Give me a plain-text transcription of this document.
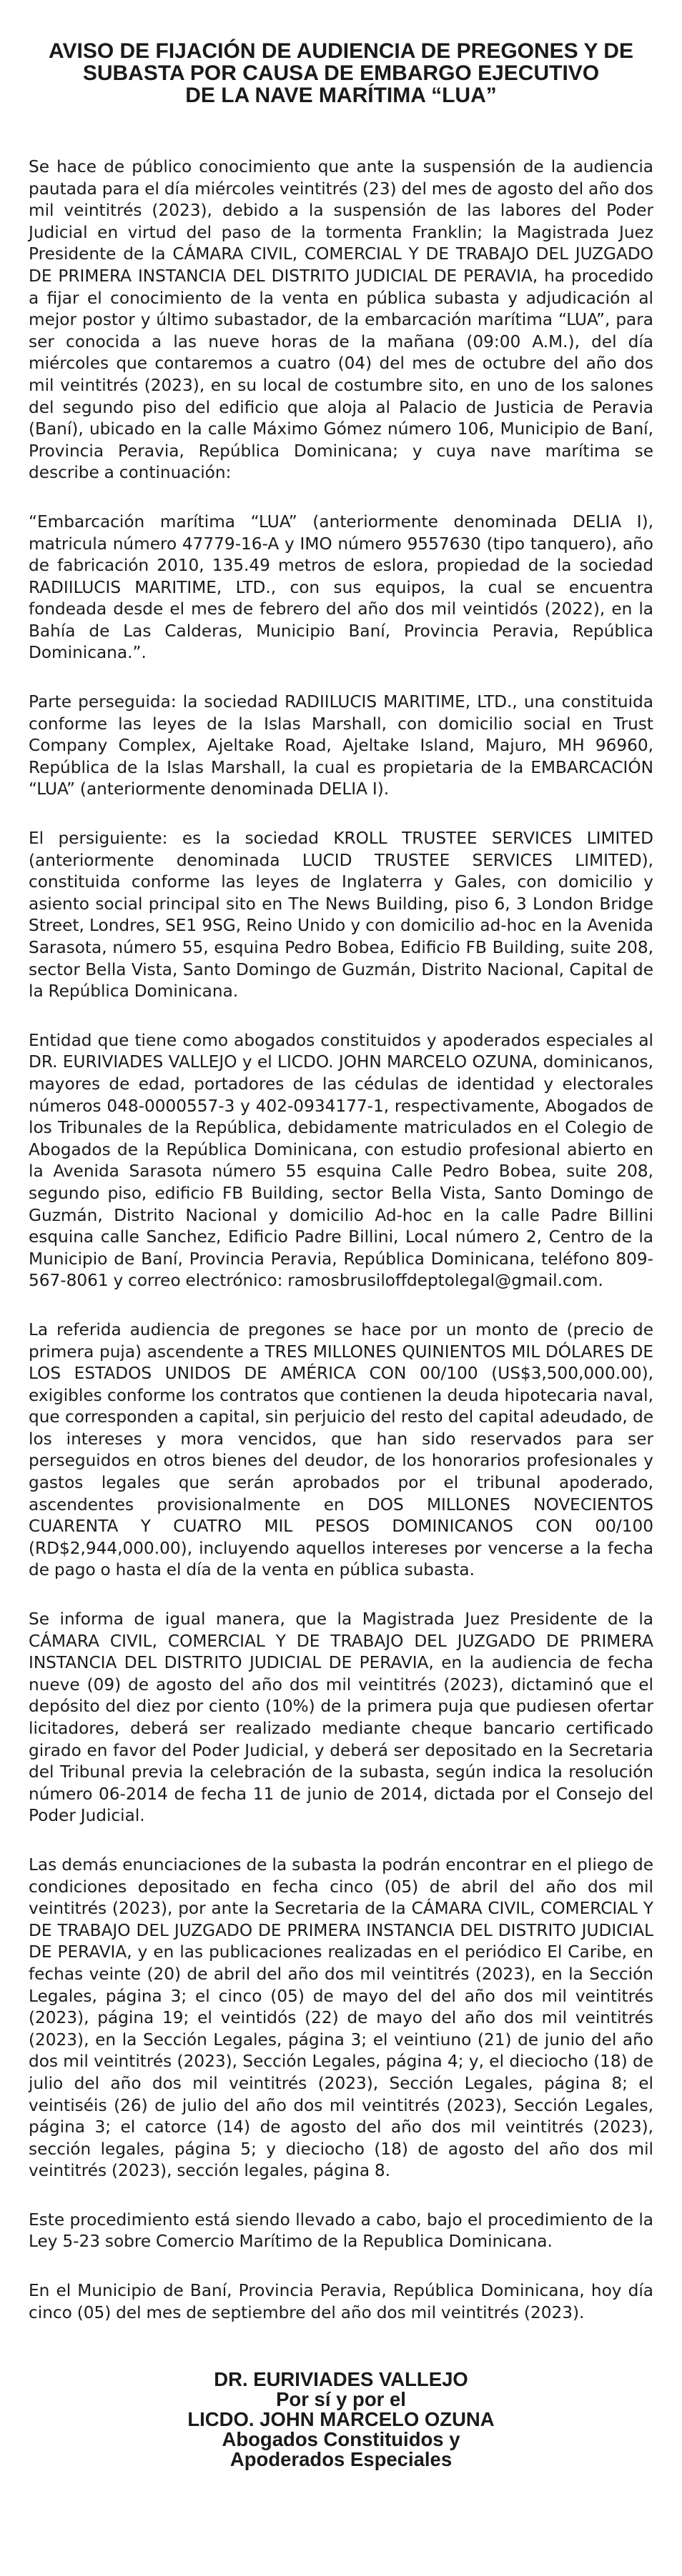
AVISO DE FIJACIÓN DE AUDIENCIA DE PREGONES Y DE
SUBASTA POR CAUSA DE EMBARGO EJECUTIVO
DE LA NAVE MARÍTIMA “LUA”

Se hace de público conocimiento que ante la suspensión de la audiencia pautada para el día miércoles veintitrés (23) del mes de agosto del año dos mil veintitrés (2023), debido a la suspensión de las labores del Poder Judicial en virtud del paso de la tormenta Franklin; la Magistrada Juez Presidente de la CÁMARA CIVIL, COMERCIAL Y DE TRABAJO DEL JUZGADO DE PRIMERA INSTANCIA DEL DISTRITO JUDICIAL DE PERAVIA, ha procedido a fijar el conocimiento de la venta en pública subasta y adjudicación al mejor postor y último subastador, de la embarcación marítima “LUA”, para ser conocida a las nueve horas de la mañana (09:00 A.M.), del día miércoles que contaremos a cuatro (04) del mes de octubre del año dos mil veintitrés (2023), en su local de costumbre sito, en uno de los salones del segundo piso del edificio que aloja al Palacio de Justicia de Peravia (Baní), ubicado en la calle Máximo Gómez número 106, Municipio de Baní, Provincia Peravia, República Dominicana; y cuya nave marítima se describe a continuación:

“Embarcación marítima “LUA” (anteriormente denominada DELIA I), matricula número 47779-16-A y IMO número 9557630 (tipo tanquero), año de fabricación 2010, 135.49 metros de eslora, propiedad de la sociedad RADIILUCIS MARITIME, LTD., con sus equipos, la cual se encuentra fondeada desde el mes de febrero del año dos mil veintidós (2022), en la Bahía de Las Calderas, Municipio Baní, Provincia Peravia, República Dominicana.”.

Parte perseguida: la sociedad RADIILUCIS MARITIME, LTD., una constituida conforme las leyes de la Islas Marshall, con domicilio social en Trust Company Complex, Ajeltake Road, Ajeltake Island, Majuro, MH 96960, República de la Islas Marshall, la cual es propietaria de la EMBARCACIÓN “LUA” (anteriormente denominada DELIA I).

El persiguiente: es la sociedad KROLL TRUSTEE SERVICES LIMITED (anteriormente denominada LUCID TRUSTEE SERVICES LIMITED), constituida conforme las leyes de Inglaterra y Gales, con domicilio y asiento social principal sito en The News Building, piso 6, 3 London Bridge Street, Londres, SE1 9SG, Reino Unido y con domicilio ad-hoc en la Avenida Sarasota, número 55, esquina Pedro Bobea, Edificio FB Building, suite 208, sector Bella Vista, Santo Domingo de Guzmán, Distrito Nacional, Capital de la República Dominicana.

Entidad que tiene como abogados constituidos y apoderados especiales al DR. EURIVIADES VALLEJO y el LICDO. JOHN MARCELO OZUNA, dominicanos, mayores de edad, portadores de las cédulas de identidad y electorales números 048-0000557-3 y 402-0934177-1, respectivamente, Abogados de los Tribunales de la República, debidamente matriculados en el Colegio de Abogados de la República Dominicana, con estudio profesional abierto en la Avenida Sarasota número 55 esquina Calle Pedro Bobea, suite 208, segundo piso, edificio FB Building, sector Bella Vista, Santo Domingo de Guzmán, Distrito Nacional y domicilio Ad-hoc en la calle Padre Billini esquina calle Sanchez, Edificio Padre Billini, Local número 2, Centro de la Municipio de Baní, Provincia Peravia, República Dominicana, teléfono 809-567-8061 y correo electrónico: ramosbrusiloffdeptolegal@gmail.com.

La referida audiencia de pregones se hace por un monto de (precio de primera puja) ascendente a TRES MILLONES QUINIENTOS MIL DÓLARES DE LOS ESTADOS UNIDOS DE AMÉRICA CON 00/100 (US$3,500,000.00), exigibles conforme los contratos que contienen la deuda hipotecaria naval, que corresponden a capital, sin perjuicio del resto del capital adeudado, de los intereses y mora vencidos, que han sido reservados para ser perseguidos en otros bienes del deudor, de los honorarios profesionales y gastos legales que serán aprobados por el tribunal apoderado, ascendentes provisionalmente en DOS MILLONES NOVECIENTOS CUARENTA Y CUATRO MIL PESOS DOMINICANOS CON 00/100 (RD$2,944,000.00), incluyendo aquellos intereses por vencerse a la fecha de pago o hasta el día de la venta en pública subasta.

Se informa de igual manera, que la Magistrada Juez Presidente de la CÁMARA CIVIL, COMERCIAL Y DE TRABAJO DEL JUZGADO DE PRIMERA INSTANCIA DEL DISTRITO JUDICIAL DE PERAVIA, en la audiencia de fecha nueve (09) de agosto del año dos mil veintitrés (2023), dictaminó que el depósito del diez por ciento (10%) de la primera puja que pudiesen ofertar licitadores, deberá ser realizado mediante cheque bancario certificado girado en favor del Poder Judicial, y deberá ser depositado en la Secretaria del Tribunal previa la celebración de la subasta, según indica la resolución número 06-2014 de fecha 11 de junio de 2014, dictada por el Consejo del Poder Judicial.

Las demás enunciaciones de la subasta la podrán encontrar en el pliego de condiciones depositado en fecha cinco (05) de abril del año dos mil veintitrés (2023), por ante la Secretaria de la CÁMARA CIVIL, COMERCIAL Y DE TRABAJO DEL JUZGADO DE PRIMERA INSTANCIA DEL DISTRITO JUDICIAL DE PERAVIA, y en las publicaciones realizadas en el periódico El Caribe, en fechas veinte (20) de abril del año dos mil veintitrés (2023), en la Sección Legales, página 3; el cinco (05) de mayo del del año dos mil veintitrés (2023), página 19; el veintidós (22) de mayo del año dos mil veintitrés (2023), en la Sección Legales, página 3; el veintiuno (21) de junio del año dos mil veintitrés (2023), Sección Legales, página 4; y, el dieciocho (18) de julio del año dos mil veintitrés (2023), Sección Legales, página 8; el veintiséis (26) de julio del año dos mil veintitrés (2023), Sección Legales, página 3; el catorce (14) de agosto del año dos mil veintitrés (2023), sección legales, página 5; y dieciocho (18) de agosto del año dos mil veintitrés (2023), sección legales, página 8.

Este procedimiento está siendo llevado a cabo, bajo el procedimiento de la Ley 5-23 sobre Comercio Marítimo de la Republica Dominicana.

En el Municipio de Baní, Provincia Peravia, República Dominicana, hoy día cinco (05) del mes de septiembre del año dos mil veintitrés (2023).

DR. EURIVIADES VALLEJO
Por sí y por el
LICDO. JOHN MARCELO OZUNA
Abogados Constituidos y
Apoderados Especiales
